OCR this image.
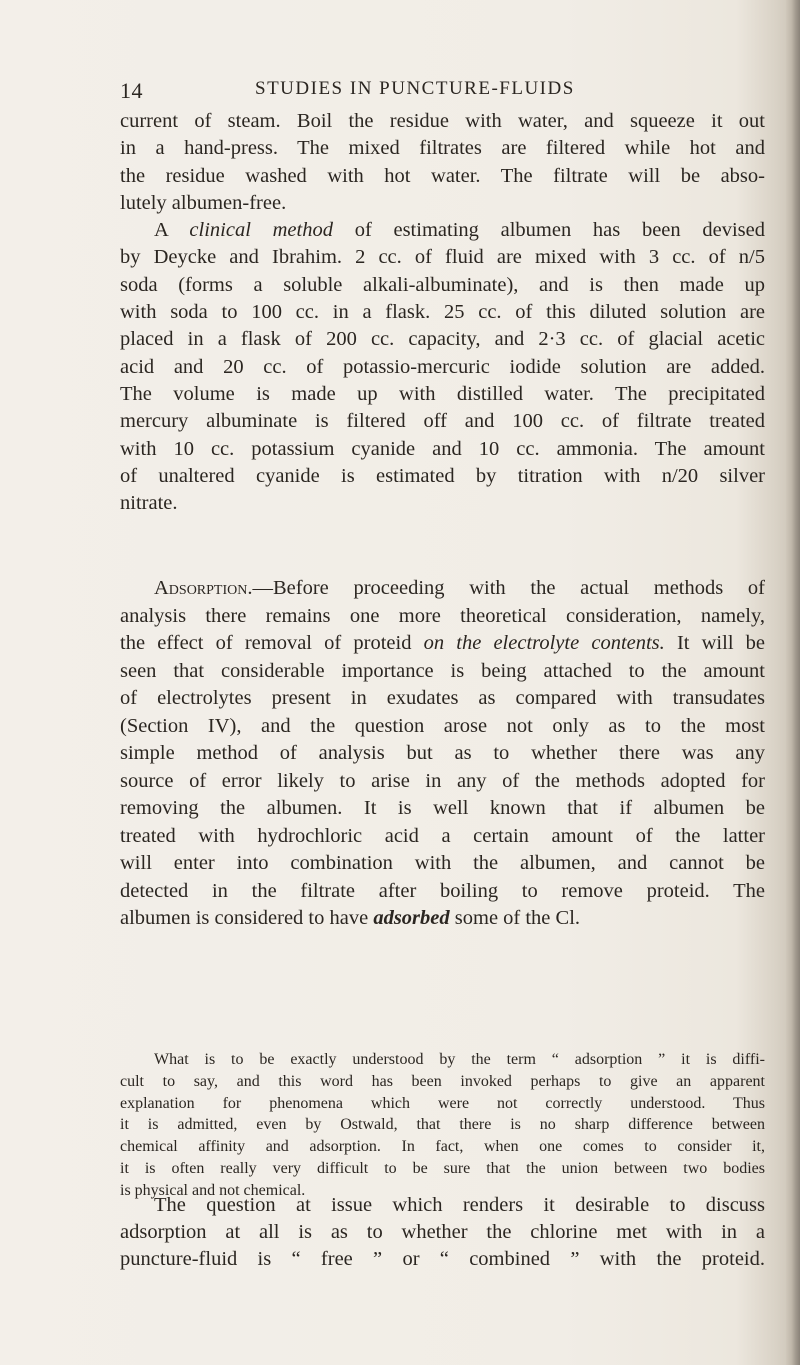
14	STUDIES IN PUNCTURE-FLUIDS
current of steam. Boil the residue with water, and squeeze it out
in a hand-press. The mixed filtrates are filtered while hot and
the residue washed with hot water. The filtrate will be abso-
lutely albumen-free.
A clinical method of estimating albumen has been devised
by Deycke and Ibrahim. 2 cc. of fluid are mixed with 3 cc. of n/5
soda (forms a soluble alkali-albuminate), and is then made up
with soda to 100 cc. in a flask. 25 cc. of this diluted solution are
placed in a flask of 200 cc. capacity, and 2·3 cc. of glacial acetic
acid and 20 cc. of potassio-mercuric iodide solution are added.
The volume is made up with distilled water. The precipitated
mercury albuminate is filtered off and 100 cc. of filtrate treated
with 10 cc. potassium cyanide and 10 cc. ammonia. The amount
of unaltered cyanide is estimated by titration with n/20 silver
nitrate.
Adsorption.—Before proceeding with the actual methods of
analysis there remains one more theoretical consideration, namely,
the effect of removal of proteid on the electrolyte contents. It will be
seen that considerable importance is being attached to the amount
of electrolytes present in exudates as compared with transudates
(Section IV), and the question arose not only as to the most
simple method of analysis but as to whether there was any
source of error likely to arise in any of the methods adopted for
removing the albumen. It is well known that if albumen be
treated with hydrochloric acid a certain amount of the latter
will enter into combination with the albumen, and cannot be
detected in the filtrate after boiling to remove proteid. The
albumen is considered to have adsorbed some of the Cl.
What is to be exactly understood by the term “ adsorption ” it is diffi-
cult to say, and this word has been invoked perhaps to give an apparent
explanation for phenomena which were not correctly understood. Thus
it is admitted, even by Ostwald, that there is no sharp difference between
chemical affinity and adsorption. In fact, when one comes to consider it,
it is often really very difficult to be sure that the union between two bodies
is physical and not chemical.
The question at issue which renders it desirable to discuss
adsorption at all is as to whether the chlorine met with in a
puncture-fluid is “ free ” or “ combined ” with the proteid.
